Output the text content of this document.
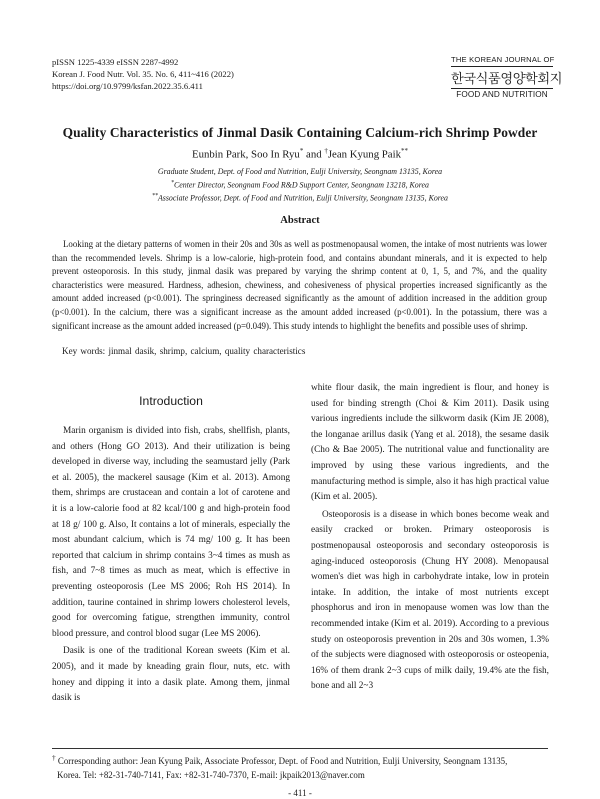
pISSN 1225-4339 eISSN 2287-4992
Korean J. Food Nutr. Vol. 35. No. 6, 411~416 (2022)
https://doi.org/10.9799/ksfan.2022.35.6.411
THE KOREAN JOURNAL OF
한국식품영양학회지
FOOD AND NUTRITION
Quality Characteristics of Jinmal Dasik Containing Calcium-rich Shrimp Powder
Eunbin Park, Soo In Ryu* and †Jean Kyung Paik**
Graduate Student, Dept. of Food and Nutrition, Eulji University, Seongnam 13135, Korea
*Center Director, Seongnam Food R&D Support Center, Seongnam 13218, Korea
**Associate Professor, Dept. of Food and Nutrition, Eulji University, Seongnam 13135, Korea
Abstract
Looking at the dietary patterns of women in their 20s and 30s as well as postmenopausal women, the intake of most nutrients was lower than the recommended levels. Shrimp is a low-calorie, high-protein food, and contains abundant minerals, and it is expected to help prevent osteoporosis. In this study, jinmal dasik was prepared by varying the shrimp content at 0, 1, 5, and 7%, and the quality characteristics were measured. Hardness, adhesion, chewiness, and cohesiveness of physical properties increased significantly as the amount added increased (p<0.001). The springiness decreased significantly as the amount of addition increased in the addition group (p<0.001). In the calcium, there was a significant increase as the amount added increased (p<0.001). In the potassium, there was a significant increase as the amount added increased (p=0.049). This study intends to highlight the benefits and possible uses of shrimp.
Key words: jinmal dasik, shrimp, calcium, quality characteristics
Introduction

Marin organism is divided into fish, crabs, shellfish, plants, and others (Hong GO 2013). And their utilization is being developed in diverse way, including the seamustard jelly (Park et al. 2005), the mackerel sausage (Kim et al. 2013). Among them, shrimps are crustacean and contain a lot of carotene and it is a low-calorie food at 82 kcal/100 g and high-protein food at 18 g/ 100 g. Also, It contains a lot of minerals, especially the most abundant calcium, which is 74 mg/ 100 g. It has been reported that calcium in shrimp contains 3~4 times as mush as fish, and 7~8 times as much as meat, which is effective in preventing osteoporosis (Lee MS 2006; Roh HS 2014). In addition, taurine contained in shrimp lowers cholesterol levels, good for overcoming fatigue, strengthen immunity, control blood pressure, and control blood sugar (Lee MS 2006).

Dasik is one of the traditional Korean sweets (Kim et al. 2005), and it made by kneading grain flour, nuts, etc. with honey and dipping it into a dasik plate. Among them, jinmal dasik is

white flour dasik, the main ingredient is flour, and honey is used for binding strength (Choi & Kim 2011). Dasik using various ingredients include the silkworm dasik (Kim JE 2008), the longanae arillus dasik (Yang et al. 2018), the sesame dasik (Cho & Bae 2005). The nutritional value and functionality are improved by using these various ingredients, and the manufacturing method is simple, also it has high practical value (Kim et al. 2005).

Osteoporosis is a disease in which bones become weak and easily cracked or broken. Primary osteoporosis is postmenopausal osteoporosis and secondary osteoporosis is aging-induced osteoporosis (Chung HY 2008). Menopausal women's diet was high in carbohydrate intake, low in protein intake. In addition, the intake of most nutrients except phosphorus and iron in menopause women was low than the recommended intake (Kim et al. 2019). According to a previous study on osteoporosis prevention in 20s and 30s women, 1.3% of the subjects were diagnosed with osteoporosis or osteopenia, 16% of them drank 2~3 cups of milk daily, 19.4% ate the fish, bone and all 2~3

† Corresponding author: Jean Kyung Paik, Associate Professor, Dept. of Food and Nutrition, Eulji University, Seongnam 13135,
Korea. Tel: +82-31-740-7141, Fax: +82-31-740-7370, E-mail: jkpaik2013@naver.com
- 411 -
